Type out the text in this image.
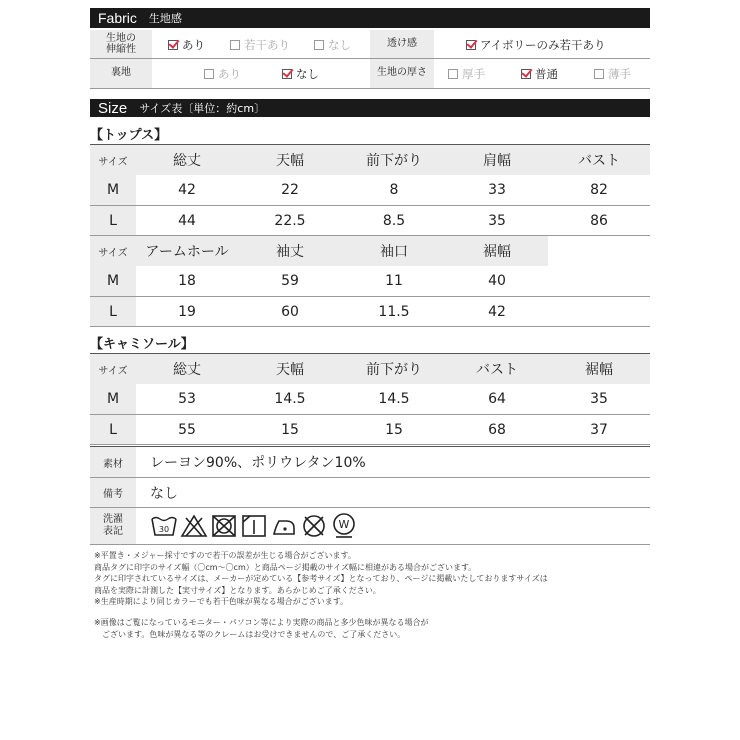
Fabric 生地感
生地の
伸縮性	あり	若干あり	なし	透け感	アイボリーのみ若干あり
裏地	あり	なし	生地の厚さ	厚手	普通	薄手
Size サイズ表〔単位：約cm〕
【トップス】
サイズ	総丈	天幅	前下がり	肩幅	バスト
M	42	22	8	33	82
L	44	22.5	8.5	35	86
サイズ	アームホール	袖丈	袖口	裾幅
M	18	59	11	40
L	19	60	11.5	42
【キャミソール】
サイズ	総丈	天幅	前下がり	バスト	裾幅
M	53	14.5	14.5	64	35
L	55	15	15	68	37
素材	レーヨン90%、ポリウレタン10%
備考	なし
洗濯
表記	30	W
※平置き・メジャー採寸ですので若干の誤差が生じる場合がございます。
商品タグに印字のサイズ幅（〇cm〜〇cm）と商品ページ掲載のサイズ幅に相違がある場合がございます。
タグに印字されているサイズは、メーカーが定めている【参考サイズ】となっており、ページに掲載いたしておりますサイズは
商品を実際に計測した【実寸サイズ】となります。あらかじめご了承ください。
※生産時期により同じカラーでも若干色味が異なる場合がございます。
※画像はご覧になっているモニター・パソコン等により実際の商品と多少色味が異なる場合が
ございます。色味が異なる等のクレームはお受けできませんので、ご了承ください。
